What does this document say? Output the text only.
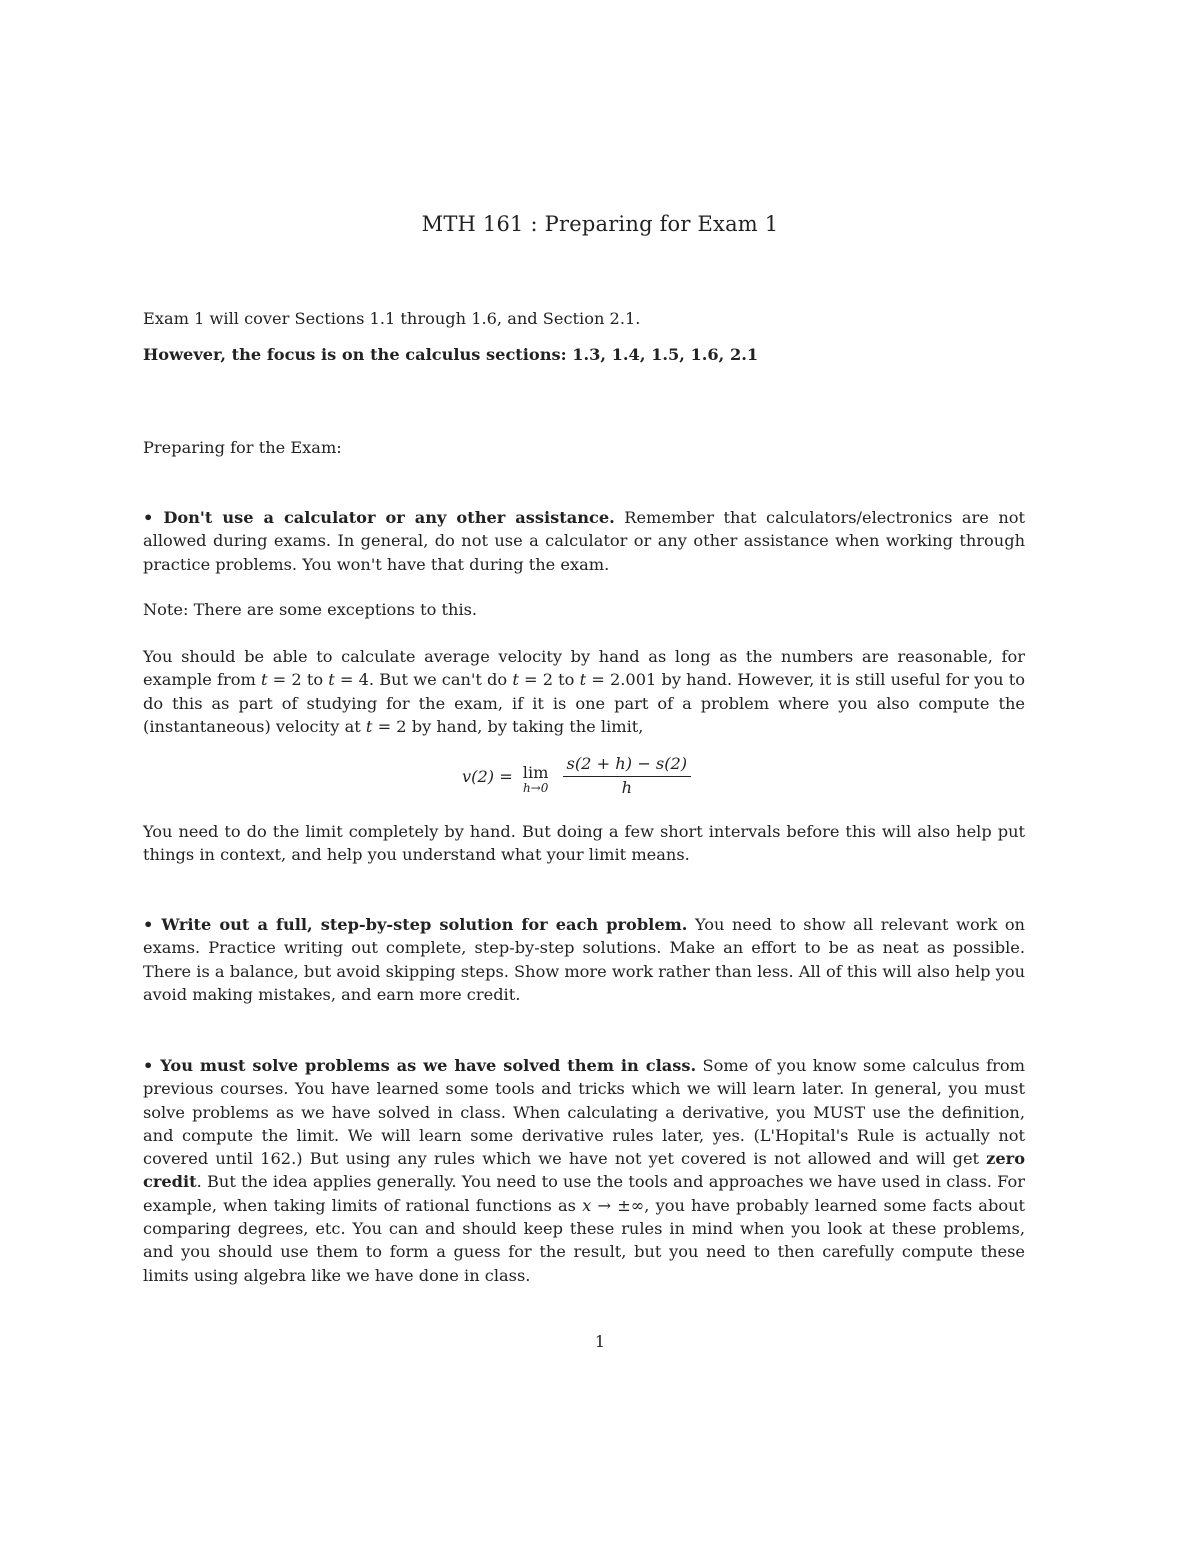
MTH 161 : Preparing for Exam 1

Exam 1 will cover Sections 1.1 through 1.6, and Section 2.1.

However, the focus is on the calculus sections: 1.3, 1.4, 1.5, 1.6, 2.1

Preparing for the Exam:

• Don't use a calculator or any other assistance. Remember that calculators/electronics are not allowed during exams. In general, do not use a calculator or any other assistance when working through practice problems. You won't have that during the exam.

Note: There are some exceptions to this.

You should be able to calculate average velocity by hand as long as the numbers are reasonable, for example from t = 2 to t = 4. But we can't do t = 2 to t = 2.001 by hand. However, it is still useful for you to do this as part of studying for the exam, if it is one part of a problem where you also compute the (instantaneous) velocity at t = 2 by hand, by taking the limit,

v(2) = lim
$h\to 0 \frac{s(2 + h) - s(2)}{h}$

You need to do the limit completely by hand. But doing a few short intervals before this will also help put things in context, and help you understand what your limit means.

• Write out a full, step-by-step solution for each problem. You need to show all relevant work on exams. Practice writing out complete, step-by-step solutions. Make an effort to be as neat as possible. There is a balance, but avoid skipping steps. Show more work rather than less. All of this will also help you avoid making mistakes, and earn more credit.

• You must solve problems as we have solved them in class. Some of you know some calculus from previous courses. You have learned some tools and tricks which we will learn later. In general, you must solve problems as we have solved in class. When calculating a derivative, you MUST use the definition, and compute the limit. We will learn some derivative rules later, yes. (L'Hopital's Rule is actually not covered until 162.) But using any rules which we have not yet covered is not allowed and will get zero credit. But the idea applies generally. You need to use the tools and approaches we have used in class. For example, when taking limits of rational functions as x → ±∞, you have probably learned some facts about comparing degrees, etc. You can and should keep these rules in mind when you look at these problems, and you should use them to form a guess for the result, but you need to then carefully compute these limits using algebra like we have done in class.

1
